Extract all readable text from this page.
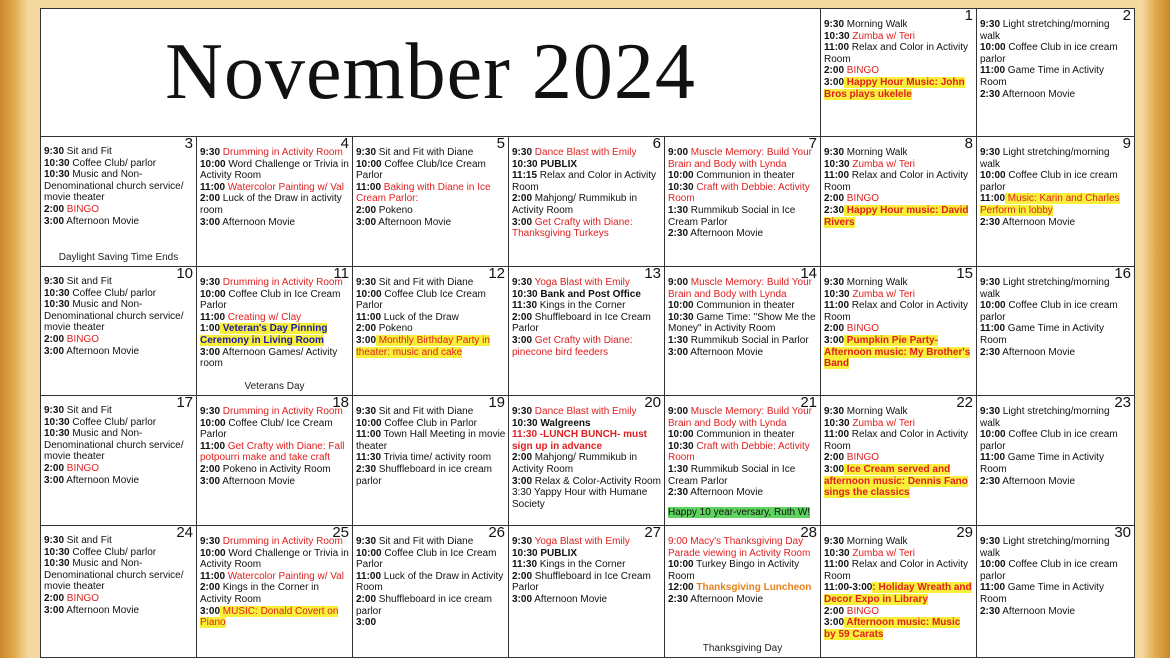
November 2024
1
9:30 Morning Walk
10:30 Zumba w/ Teri
11:00 Relax and Color in Activity Room
2:00 BINGO
3:00 Happy Hour Music: John Bros plays ukelele
2
9:30 Light stretching/morning walk
10:00 Coffee Club in ice cream parlor
11:00 Game Time in Activity Room
2:30 Afternoon Movie
3
9:30 Sit and Fit
10:30 Coffee Club/ parlor
10:30 Music and Non-Denominational church service/ movie theater
2:00 BINGO
3:00 Afternoon Movie
Daylight Saving Time Ends
4
9:30 Drumming in Activity Room
10:00 Word Challenge or Trivia in Activity Room
11:00 Watercolor Painting w/ Val
2:00 Luck of the Draw in activity room
3:00 Afternoon Movie
5
9:30 Sit and Fit with Diane
10:00 Coffee Club/Ice Cream Parlor
11:00 Baking with Diane in Ice Cream Parlor:
2:00 Pokeno
3:00 Afternoon Movie
6
9:30 Dance Blast with Emily
10:30 PUBLIX
11:15 Relax and Color in Activity Room
2:00 Mahjong/ Rummikub in Activity Room
3:00 Get Crafty with Diane: Thanksgiving Turkeys
7
9:00 Muscle Memory: Build Your Brain and Body with Lynda
10:00 Communion in theater
10:30 Craft with Debbie: Activity Room
1:30 Rummikub Social in Ice Cream Parlor
2:30 Afternoon Movie
8
9:30 Morning Walk
10:30 Zumba w/ Teri
11:00 Relax and Color in Activity Room
2:00 BINGO
2:30 Happy Hour music: David Rivers
9
9:30 Light stretching/morning walk
10:00 Coffee Club in ice cream parlor
11:00 Music: Karin and Charles Perform in lobby
2:30 Afternoon Movie
10
9:30 Sit and Fit
10:30 Coffee Club/ parlor
10:30 Music and Non-Denominational church service/ movie theater
2:00 BINGO
3:00 Afternoon Movie
11
9:30 Drumming in Activity Room
10:00 Coffee Club in Ice Cream Parlor
11:00 Creating w/ Clay
1:00 Veteran's Day Pinning Ceremony in Living Room
3:00 Afternoon Games/ Activity room
Veterans Day
12
9:30 Sit and Fit with Diane
10:00 Coffee Club Ice Cream Parlor
11:00 Luck of the Draw
2:00 Pokeno
3:00 Monthly Birthday Party in theater: music and cake
13
9:30 Yoga Blast with Emily
10:30 Bank and Post Office
11:30 Kings in the Corner
2:00 Shuffleboard in Ice Cream Parlor
3:00 Get Crafty with Diane: pinecone bird feeders
14
9:00 Muscle Memory: Build Your Brain and Body with Lynda
10:00 Communion in theater
10:30 Game Time: "Show Me the Money" in Activity Room
1:30 Rummikub Social in Parlor
3:00 Afternoon Movie
15
9:30 Morning Walk
10:30 Zumba w/ Teri
11:00 Relax and Color in Activity Room
2:00 BINGO
3:00 Pumpkin Pie Party- Afternoon music: My Brother's Band
16
9:30 Light stretching/morning walk
10:00 Coffee Club in ice cream parlor
11:00 Game Time in Activity Room
2:30 Afternoon Movie
17
9:30 Sit and Fit
10:30 Coffee Club/ parlor
10:30 Music and Non-Denominational church service/ movie theater
2:00 BINGO
3:00 Afternoon Movie
18
9:30 Drumming in Activity Room
10:00 Coffee Club/ Ice Cream Parlor
11:00 Get Crafty with Diane: Fall potpourri make and take craft
2:00 Pokeno in Activity Room
3:00 Afternoon Movie
19
9:30 Sit and Fit with Diane
10:00 Coffee Club in Parlor
11:00 Town Hall Meeting in movie theater
11:30 Trivia time/ activity room
2:30 Shuffleboard in ice cream parlor
20
9:30 Dance Blast with Emily
10:30 Walgreens
11:30 -LUNCH BUNCH- must sign up in advance
2:00 Mahjong/ Rummikub in Activity Room
3:00 Relax & Color-Activity Room
3:30 Yappy Hour with Humane Society
21
9:00 Muscle Memory: Build Your Brain and Body with Lynda
10:00 Communion in theater
10:30 Craft with Debbie: Activity Room
1:30 Rummikub Social in Ice Cream Parlor
2:30 Afternoon Movie
Happy 10 year-versary, Ruth W!
22
9:30 Morning Walk
10:30 Zumba w/ Teri
11:00 Relax and Color in Activity Room
2:00 BINGO
3:00 Ice Cream served and afternoon music: Dennis Fano sings the classics
23
9:30 Light stretching/morning walk
10:00 Coffee Club in ice cream parlor
11:00 Game Time in Activity Room
2:30 Afternoon Movie
24
9:30 Sit and Fit
10:30 Coffee Club/ parlor
10:30 Music and Non-Denominational church service/ movie theater
2:00 BINGO
3:00 Afternoon Movie
25
9:30 Drumming in Activity Room
10:00 Word Challenge or Trivia in Activity Room
11:00 Watercolor Painting w/ Val
2:00 Kings in the Corner in Activity Room
3:00 MUSIC: Donald Covert on Piano
26
9:30 Sit and Fit with Diane
10:00 Coffee Club in Ice Cream Parlor
11:00 Luck of the Draw in Activity Room
2:00 Shuffleboard in ice cream parlor
3:00
27
9:30 Yoga Blast with Emily
10:30 PUBLIX
11:30 Kings in the Corner
2:00 Shuffleboard in Ice Cream Parlor
3:00 Afternoon Movie
28
9:00 Macy's Thanksgiving Day Parade viewing in Activity Room
10:00 Turkey Bingo in Activity Room
12:00 Thanksgiving Luncheon
2:30 Afternoon Movie
Thanksgiving Day
29
9:30 Morning Walk
10:30 Zumba w/ Teri
11:00 Relax and Color in Activity Room
11:00-3:00: Holiday Wreath and Decor Expo in Library
2:00 BINGO
3:00 Afternoon music: Music by 59 Carats
30
9:30 Light stretching/morning walk
10:00 Coffee Club in ice cream parlor
11:00 Game Time in Activity Room
2:30 Afternoon Movie
